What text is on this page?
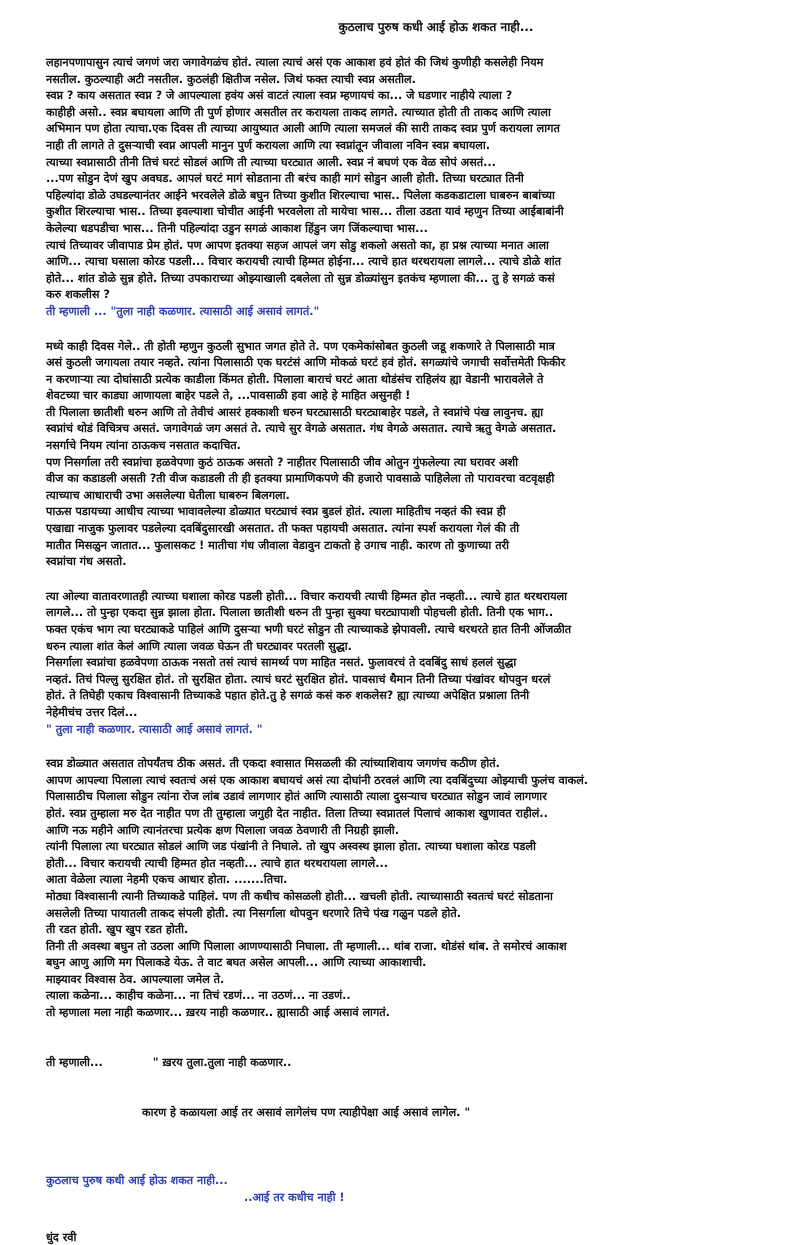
कुठलाच पुरुष कधी आई होऊ शकत नाही...
लहानपणापासुन त्याचं जगणं जरा जगावेगळंच होतं. त्याला त्याचं असं एक आकाश हवं होतं की जिथं कुणीही कसलेही नियम
नसतील. कुठल्याही अटी नसतील. कुठलंही क्षितीज नसेल. जिथं फक्त त्याची स्वप्न असतील.
स्वप्न ? काय असतात स्वप्न ? जे आपल्याला हवंय असं वाटतं त्याला स्वप्न म्हणायचं का... जे घडणार नाहीये त्याला ?
काहीही असो.. स्वप्न बघायला आणि ती पुर्ण होणार असतील तर करायला ताकद लागते. त्याच्यात होती ती ताकद आणि त्याला
अभिमान पण होता त्याचा.एक दिवस ती त्याच्या आयुष्यात आली आणि त्याला समजलं की सारी ताकद स्वप्न पुर्ण करायला लागत
नाही ती लागते ते दुसऱ्याची स्वप्न आपली मानुन पुर्ण करायला आणि त्या स्वप्नांतून जीवाला नविन स्वप्न बघायला.
त्याच्या स्वप्नासाठी तीनी तिचं घरटं सोडलं आणि ती त्याच्या घरट्यात आली. स्वप्न नं बघणं एक वेळ सोपं असतं...
...पण सोडुन देणं खुप अवघड. आपलं घरटं मागं सोडताना ती बरंच काही मागं सोडुन आली होती. तिच्या घरट्यात तिनी
पहिल्यांदा डोळे उघडल्यानंतर आईने भरवलेले डोळे बघुन तिच्या कुशीत शिरल्याचा भास.. पिलेला कडकडाटाला घाबरुन बाबांच्या
कुशीत शिरल्याचा भास.. तिच्या इवल्याशा चोचीत आईनी भरवलेला तो मायेचा भास... तीला उडता यावं म्हणुन तिच्या आईबाबांनी
केलेल्या धडपडीचा भास... तिनी पहिल्यांदा उडुन सगळं आकाश हिंडुन जग जिंकल्याचा भास...
त्याचं तिच्यावर जीवापाड प्रेम होतं. पण आपण इतक्या सहज आपलं जग सोडु शकलो असतो का, हा प्रश्न त्याच्या मनात आला
आणि... त्याचा घसाला कोरड पडली... विचार करायची त्याची हिम्मत होईना... त्याचे हात थरथरायला लागले... त्याचे डोळे शांत
होते... शांत डोळे सुन्न होते. तिच्या उपकाराच्या ओझ्याखाली दबलेला तो सुन्न डोळ्यांसुन इतकंच म्हणाला की... तु हे सगळं कसं
करु शकलीस ?
ती म्हणाली ... "तुला नाही कळणार. त्यासाठी आई असावं लागतं."
मध्ये काही दिवस गेले.. ती होती म्हणुन कुठली सुभात जगत होते ते. पण एकमेकांसोबत कुठली जडू शकणारे ते पिलासाठी मात्र
असं कुठली जगायला तयार नव्हते. त्यांना पिलासाठी एक घरटंसं आणि मोकळं घरटं हवं होतं. सगळ्यांचे जगाची सर्वोत्तमेती फिकीर
न करणाऱ्या त्या दोघांसाठी प्रत्येक काडीला किंमत होती. पिलाला बाराचं घरटं आता थोडंसंच राहिलंय ह्या वेडानी भारावलेले ते
शेवटच्या चार काड्या आणायला बाहेर पडले ते, ...पावसाळी हवा आहे हे माहित असुनही !
ती पिलाला छातीशी धरुन आणि तो तेवीचं आसरं हक्काशी धरुन घरट्यासाठी घरट्याबाहेर पडले, ते स्वप्नांचे पंख लावुनच. ह्या
स्वप्नांचं थोडं विचित्रच असतं. जगावेगळं जग असतं ते. त्याचे सुर वेगळे असतात. गंध वेगळे असतात. त्याचे ऋतु वेगळे असतात.
नसर्गाचे नियम त्यांना ठाऊकच नसतात कदाचित.
पण निसर्गाला तरी स्वप्नांचा हळवेपणा कुठं ठाऊक असतो ? नाहीतर पिलासाठी जीव ओतुन गुंफलेल्या त्या घरावर अशी
वीज का कडाडली असती ?ती वीज कडाडली ती ही इतक्या प्रामाणिकपणे की हजारो पावसाळे पाहिलेला तो पारावरचा वटवृक्षही
त्याच्याच आधाराची उभा असलेल्या घेतीला घाबरुन बिलगला.
पाऊस पडायच्या आधीच त्याच्या भावावलेल्या डोळ्यात घरट्याचं स्वप्न बुडलं होतं. त्याला माहितीच नव्हतं की स्वप्न ही
एखाद्या नाजुक फुलावर पडलेल्या दवबिंदुसारखी असतात. ती फक्त पहायची असतात. त्यांना स्पर्श करायला गेलं की ती
मातीत मिसळुन जातात... फुलासकट ! मातीचा गंध जीवाला वेडावुन टाकतो हे उगाच नाही. कारण तो कुणाच्या तरी
स्वप्नांचा गंध असतो.
त्या ओल्या वातावरणातही त्याच्या घशाला कोरड पडली होती... विचार करायची त्याची हिम्मत होत नव्हती... त्याचे हात थरथरायला
लागले... तो पुन्हा एकदा सुन्न झाला होता. पिलाला छातीशी धरुन ती पुन्हा सुक्या घरट्यापाशी पोहचली होती. तिनी एक भाग..
फक्त एकंच भाग त्या घरट्याकडे पाहिलं आणि दुसऱ्या भणी घरटं सोडुन ती त्याच्याकडे झेपावली. त्याचे थरथरते हात तिनी ओंजळीत
धरुन त्याला शांत केलं आणि त्याला जवळ घेऊन ती घरट्यावर परतली सुद्धा.
निसर्गाला स्वप्नांचा हळवेपणा ठाऊक नसतो तसं त्याचं सामर्थ्य पण माहित नसतं. फुलावरचं ते दवबिंदु साधं हललं सुद्धा
नव्हतं. तिचं पिल्लु सुरक्षित होतं. तो सुरक्षित होता. त्याचं घरटं सुरक्षित होतं. पावसाचं थैमान तिनी तिच्या पंखांवर थोपवुन धरलं
होतं. ते तिघेही एकाच विश्वासानी तिच्याकडे पहात होते.तु हे सगळं कसं करु शकलेस? ह्या त्याच्या अपेक्षित प्रश्नाला तिनी
नेहेमीचंच उत्तर दिलं...
" तुला नाही कळणार. त्यासाठी आई असावं लागतं. "
स्वप्न डोळ्यात असतात तोपर्यंतच ठीक असतं. ती एकदा श्वासात मिसळली की त्यांच्याशिवाय जगणंच कठीण होतं.
आपण आपल्या पिलाला त्याचं स्वतःचं असं एक आकाश बघायचं असं त्या दोघांनी ठरवलं आणि त्या दवबिंदुच्या ओझ्याची फुलंच वाकलं.
पिलासाठीच पिलाला सोडुन त्यांना रोज लांब उडावं लागणार होतं आणि त्यासाठी त्याला दुसऱ्याच घरट्यात सोडुन जावं लागणार
होतं. स्वप्न तुम्हाला मरु देत नाहीत पण ती तुम्हाला जगुही देत नाहीत. तिला तिच्या स्वप्नातलं पिलाचं आकाश खुणावत राहीलं..
आणि नऊ महीने आणि त्यानंतरचा प्रत्येक क्षण पिलाला जवळ ठेवणारी ती निग्रही झाली.
त्यांनी पिलाला त्या घरट्यात सोडलं आणि जड पंखांनी ते निघाले. तो खुप अस्वस्थ झाला होता. त्याच्या घशाला कोरड पडली
होती... विचार करायची त्याची हिम्मत होत नव्हती... त्याचे हात थरथरायला लागले...
आता वेळेला त्याला नेहमी एकच आधार होता. .......तिचा.
मोठ्या विश्वासानी त्यानी तिच्याकडे पाहिलं. पण ती कधीच कोसळली होती... खचली होती. त्याच्यासाठी स्वतःचं घरटं सोडताना
असलेली तिच्या पायातली ताकद संपली होती. त्या निसर्गाला थोपवुन धरणारे तिचे पंख गळुन पडले होते.
ती रडत होती. खुप खुप रडत होती.
तिनी ती अवस्था बघुन तो उठला आणि पिलाला आणण्यासाठी निघाला. ती म्हणाली... थांब राजा. थोडंसं थांब. ते समोरचं आकाश
बघुन आणु आणि मग पिलाकडे येऊ. ते वाट बघत असेल आपली... आणि त्याच्या आकाशाची.
माझ्यावर विश्वास ठेव. आपल्याला जमेल ते.
त्याला कळेना... काहीच कळेना... ना तिचं रडणं... ना उठणं... ना उडणं..
तो म्हणाला मला नाही कळणार... ख़रय नाही कळणार.. ह्यासाठी आई असावं लागतं.

ती म्हणाली...	" ख़रय तुला.तुला नाही कळणार..

कारण हे कळायला आई तर असावं लागेलंच पण त्याहीपेक्षा आई असावं लागेल. "

कुठलाच पुरुष कधी आई होऊ शकत नाही...
..आई तर कधीच नाही !
धुंद रवी
